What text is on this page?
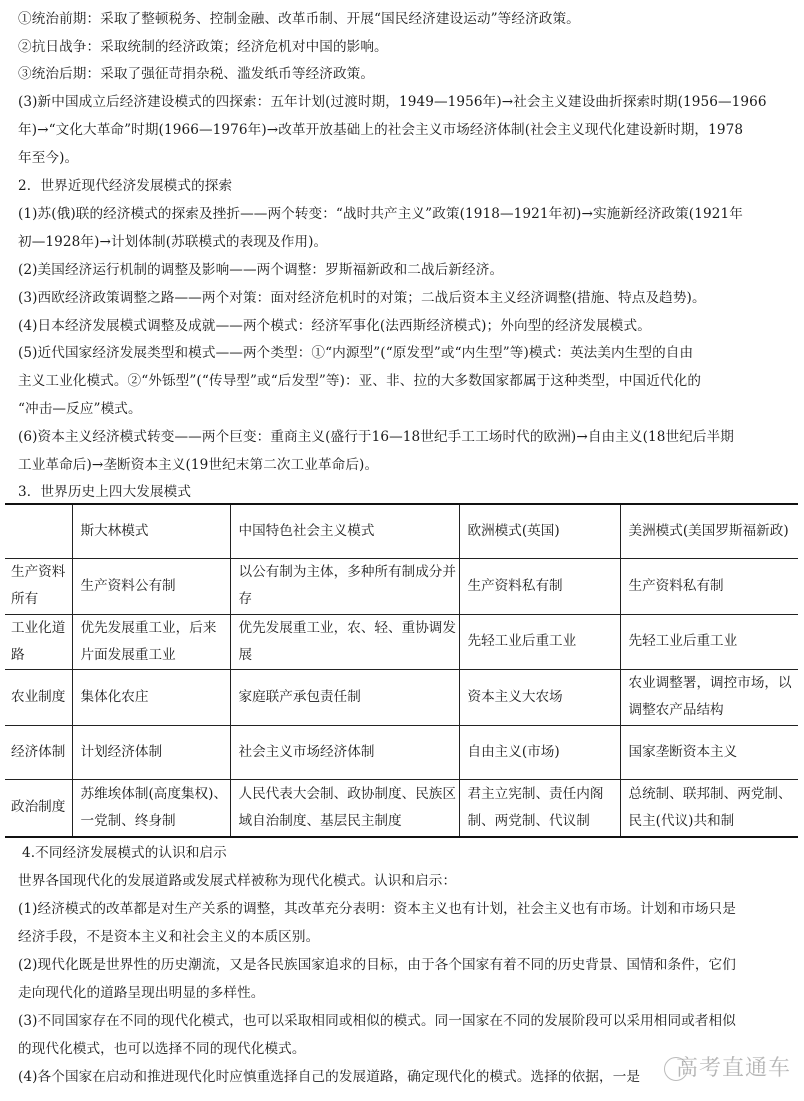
①统治前期：采取了整顿税务、控制金融、改革币制、开展“国民经济建设运动”等经济政策。
②抗日战争：采取统制的经济政策；经济危机对中国的影响。
③统治后期：采取了强征苛捐杂税、滥发纸币等经济政策。
(3)新中国成立后经济建设模式的四探索：五年计划(过渡时期，1949—1956年)→社会主义建设曲折探索时期(1956—1966
年)→“文化大革命”时期(1966—1976年)→改革开放基础上的社会主义市场经济体制(社会主义现代化建设新时期，1978
年至今)。
2．世界近现代经济发展模式的探索
(1)苏(俄)联的经济模式的探索及挫折——两个转变：“战时共产主义”政策(1918—1921年初)→实施新经济政策(1921年
初—1928年)→计划体制(苏联模式的表现及作用)。
(2)美国经济运行机制的调整及影响——两个调整：罗斯福新政和二战后新经济。
(3)西欧经济政策调整之路——两个对策：面对经济危机时的对策；二战后资本主义经济调整(措施、特点及趋势)。
(4)日本经济发展模式调整及成就——两个模式：经济军事化(法西斯经济模式)；外向型的经济发展模式。
(5)近代国家经济发展类型和模式——两个类型：①“内源型”(“原发型”或“内生型”等)模式：英法美内生型的自由
主义工业化模式。②“外铄型”(“传导型”或“后发型”等)：亚、非、拉的大多数国家都属于这种类型，中国近代化的
“冲击—反应”模式。
(6)资本主义经济模式转变——两个巨变：重商主义(盛行于16—18世纪手工工场时代的欧洲)→自由主义(18世纪后半期
工业革命后)→垄断资本主义(19世纪末第二次工业革命后)。
3．世界历史上四大发展模式
	斯大林模式	中国特色社会主义模式	欧洲模式(英国)	美洲模式(美国罗斯福新政)
生产资料所有	生产资料公有制	以公有制为主体，多种所有制成分并存	生产资料私有制	生产资料私有制
工业化道路	优先发展重工业，后来片面发展重工业	优先发展重工业，农、轻、重协调发展	先轻工业后重工业	先轻工业后重工业
农业制度	集体化农庄	家庭联产承包责任制	资本主义大农场	农业调整署，调控市场，以调整农产品结构
经济体制	计划经济体制	社会主义市场经济体制	自由主义(市场)	国家垄断资本主义
政治制度	苏维埃体制(高度集权)、一党制、终身制	人民代表大会制、政协制度、民族区域自治制度、基层民主制度	君主立宪制、责任内阁制、两党制、代议制	总统制、联邦制、两党制、民主(代议)共和制
4.不同经济发展模式的认识和启示
世界各国现代化的发展道路或发展式样被称为现代化模式。认识和启示：
(1)经济模式的改革都是对生产关系的调整，其改革充分表明：资本主义也有计划，社会主义也有市场。计划和市场只是
经济手段，不是资本主义和社会主义的本质区别。
(2)现代化既是世界性的历史潮流，又是各民族国家追求的目标，由于各个国家有着不同的历史背景、国情和条件，它们
走向现代化的道路呈现出明显的多样性。
(3)不同国家存在不同的现代化模式，也可以采取相同或相似的模式。同一国家在不同的发展阶段可以采用相同或者相似
的现代化模式，也可以选择不同的现代化模式。
(4)各个国家在启动和推进现代化时应慎重选择自己的发展道路，确定现代化的模式。选择的依据，一是 高考直通车
